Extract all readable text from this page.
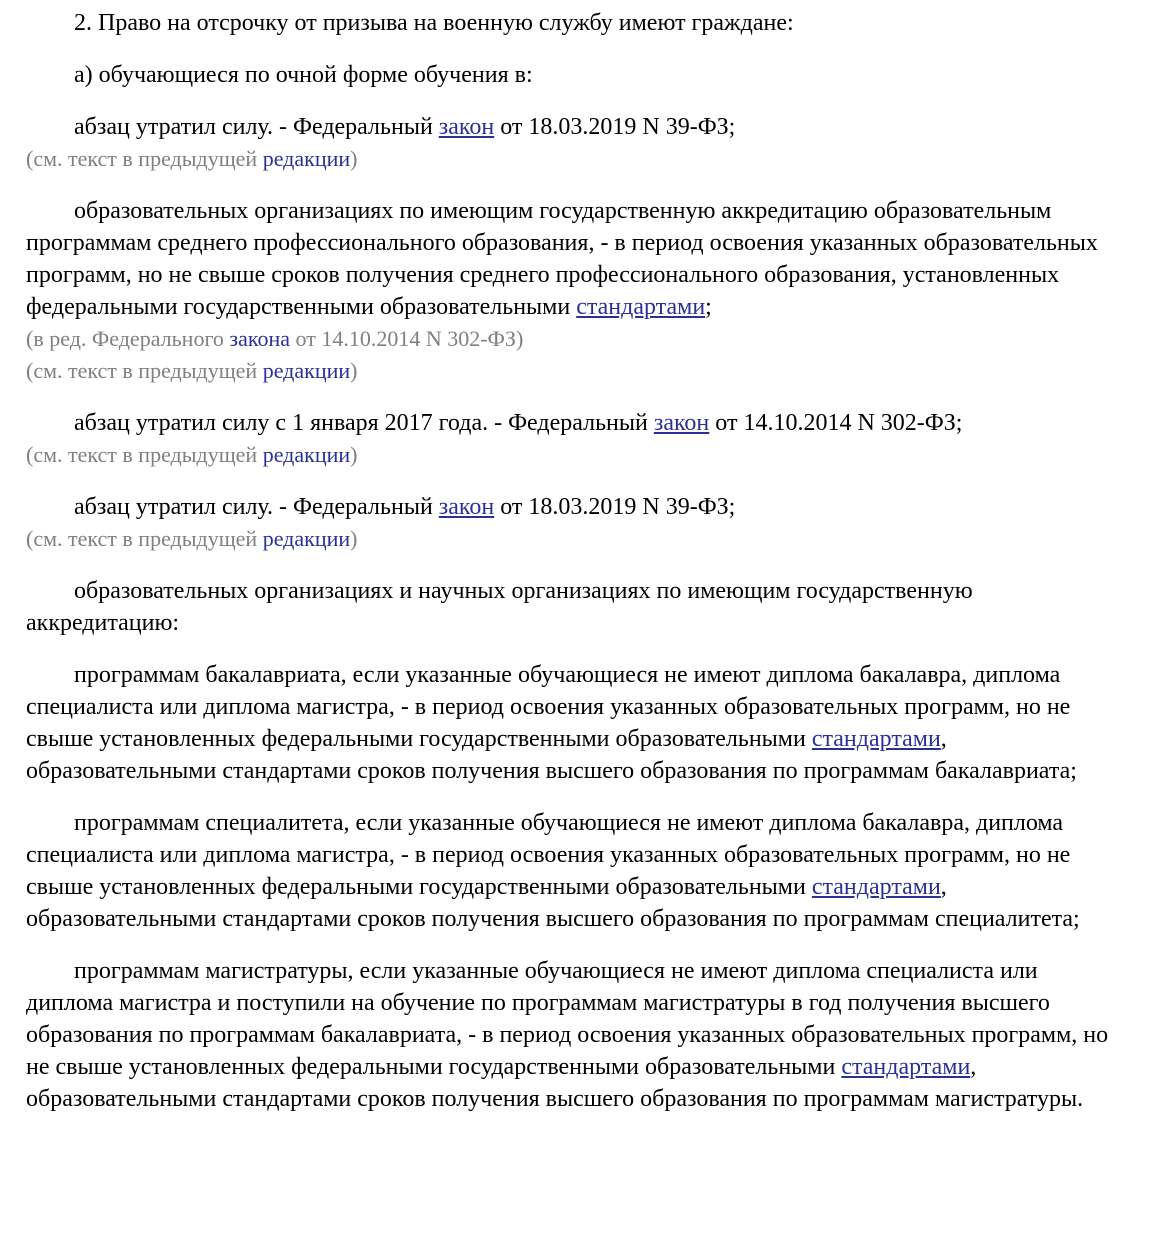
2. Право на отсрочку от призыва на военную службу имеют граждане:

а) обучающиеся по очной форме обучения в:

абзац утратил силу. - Федеральный закон от 18.03.2019 N 39-ФЗ;

(см. текст в предыдущей редакции)

образовательных организациях по имеющим государственную аккредитацию образовательным программам среднего профессионального образования, - в период освоения указанных образовательных программ, но не свыше сроков получения среднего профессионального образования, установленных федеральными государственными образовательными стандартами;

(в ред. Федерального закона от 14.10.2014 N 302-ФЗ)

(см. текст в предыдущей редакции)

абзац утратил силу с 1 января 2017 года. - Федеральный закон от 14.10.2014 N 302-ФЗ;

(см. текст в предыдущей редакции)

абзац утратил силу. - Федеральный закон от 18.03.2019 N 39-ФЗ;

(см. текст в предыдущей редакции)

образовательных организациях и научных организациях по имеющим государственную аккредитацию:

программам бакалавриата, если указанные обучающиеся не имеют диплома бакалавра, диплома специалиста или диплома магистра, - в период освоения указанных образовательных программ, но не свыше установленных федеральными государственными образовательными стандартами, образовательными стандартами сроков получения высшего образования по программам бакалавриата;

программам специалитета, если указанные обучающиеся не имеют диплома бакалавра, диплома специалиста или диплома магистра, - в период освоения указанных образовательных программ, но не свыше установленных федеральными государственными образовательными стандартами, образовательными стандартами сроков получения высшего образования по программам специалитета;

программам магистратуры, если указанные обучающиеся не имеют диплома специалиста или диплома магистра и поступили на обучение по программам магистратуры в год получения высшего образования по программам бакалавриата, - в период освоения указанных образовательных программ, но не свыше установленных федеральными государственными образовательными стандартами, образовательными стандартами сроков получения высшего образования по программам магистратуры.
